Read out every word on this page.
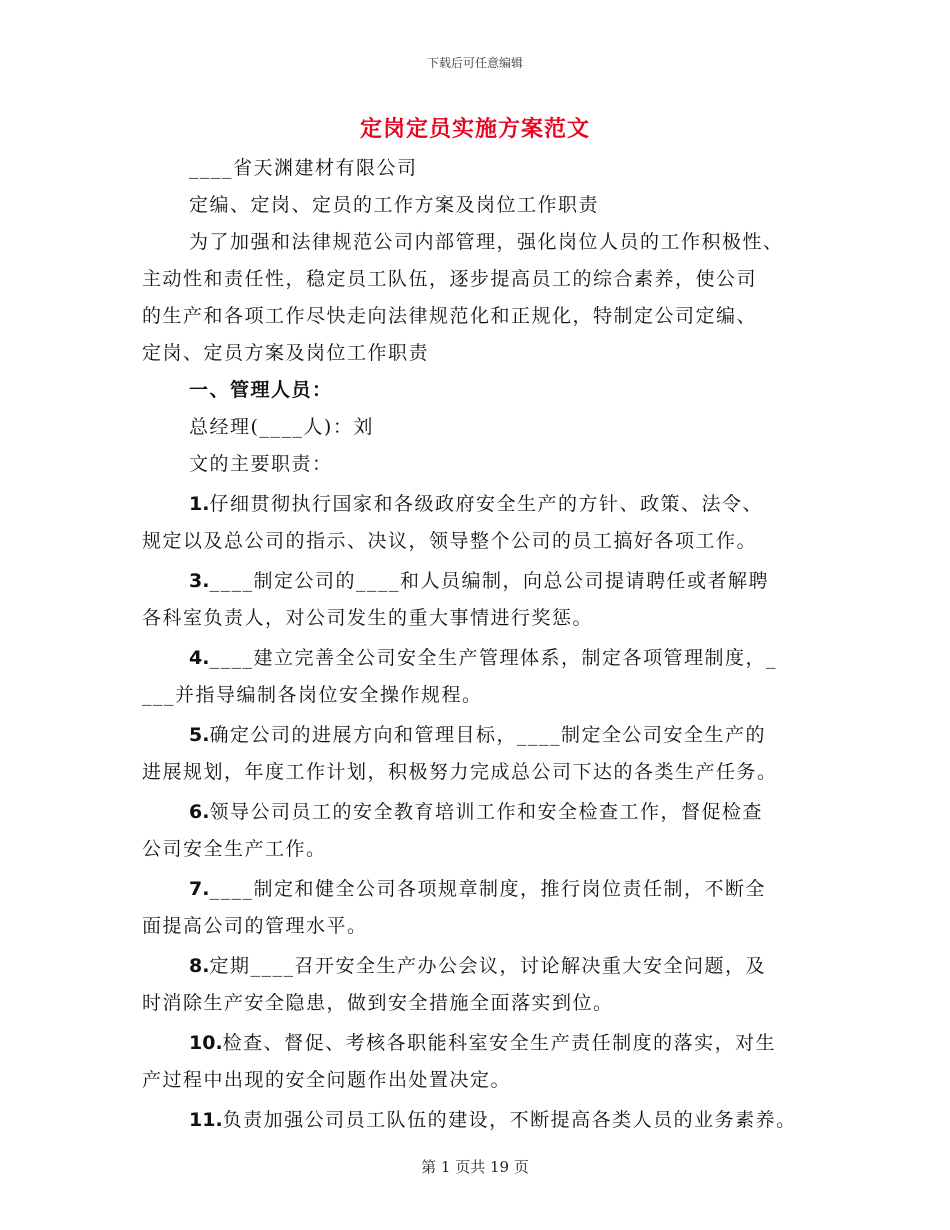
下载后可任意编辑
定岗定员实施方案范文

____省天渊建材有限公司

定编、定岗、定员的工作方案及岗位工作职责

为了加强和法律规范公司内部管理，强化岗位人员的工作积极性、

主动性和责任性，稳定员工队伍，逐步提高员工的综合素养，使公司

的生产和各项工作尽快走向法律规范化和正规化，特制定公司定编、

定岗、定员方案及岗位工作职责

一、管理人员：

总经理(____人)：刘

文的主要职责：

1.仔细贯彻执行国家和各级政府安全生产的方针、政策、法令、

规定以及总公司的指示、决议，领导整个公司的员工搞好各项工作。

3.____制定公司的____和人员编制，向总公司提请聘任或者解聘

各科室负责人，对公司发生的重大事情进行奖惩。

4.____建立完善全公司安全生产管理体系，制定各项管理制度，_

___并指导编制各岗位安全操作规程。

5.确定公司的进展方向和管理目标，____制定全公司安全生产的

进展规划，年度工作计划，积极努力完成总公司下达的各类生产任务。

6.领导公司员工的安全教育培训工作和安全检查工作，督促检查

公司安全生产工作。

7.____制定和健全公司各项规章制度，推行岗位责任制，不断全

面提高公司的管理水平。

8.定期____召开安全生产办公会议，讨论解决重大安全问题，及

时消除生产安全隐患，做到安全措施全面落实到位。

10.检查、督促、考核各职能科室安全生产责任制度的落实，对生

产过程中出现的安全问题作出处置决定。

11.负责加强公司员工队伍的建设，不断提高各类人员的业务素养。

第 1 页共 19 页
